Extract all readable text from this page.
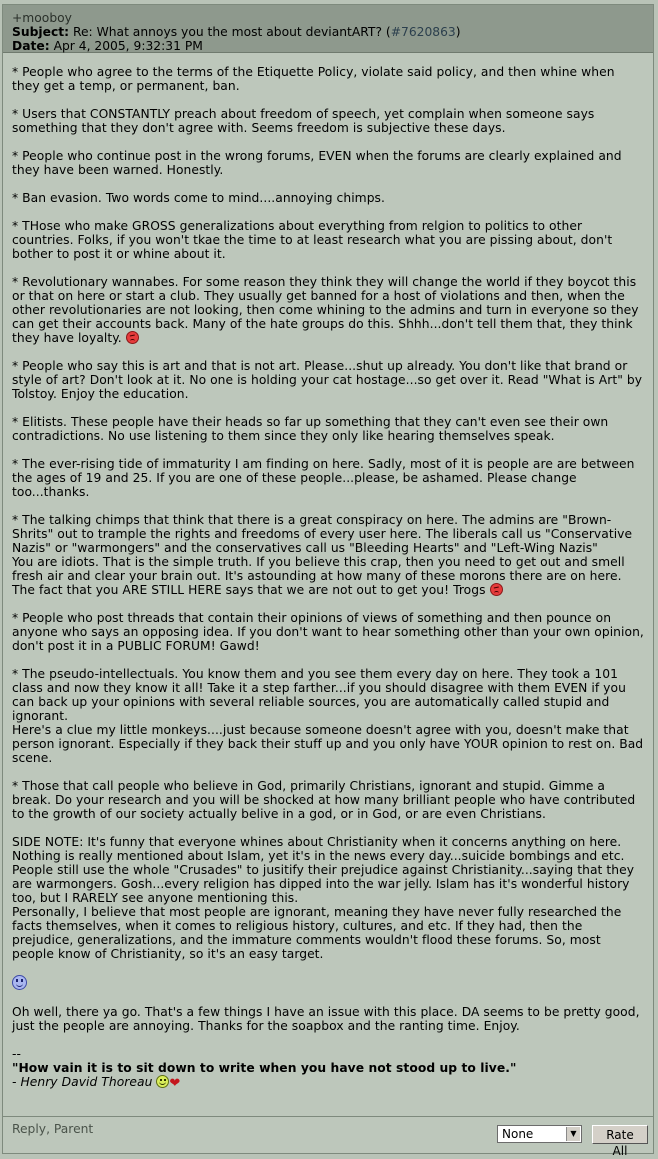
+mooboy
Subject: Re: What annoys you the most about deviantART? (#7620863)
Date: Apr 4, 2005, 9:32:31 PM

* People who agree to the terms of the Etiquette Policy, violate said policy, and then whine when they get a temp, or permanent, ban.

* Users that CONSTANTLY preach about freedom of speech, yet complain when someone says something that they don't agree with. Seems freedom is subjective these days.

* People who continue post in the wrong forums, EVEN when the forums are clearly explained and they have been warned. Honestly.

* Ban evasion. Two words come to mind....annoying chimps.

* THose who make GROSS generalizations about everything from relgion to politics to other countries. Folks, if you won't tkae the time to at least research what you are pissing about, don't bother to post it or whine about it.

* Revolutionary wannabes. For some reason they think they will change the world if they boycot this or that on here or start a club. They usually get banned for a host of violations and then, when the other revolutionaries are not looking, then come whining to the admins and turn in everyone so they can get their accounts back. Many of the hate groups do this. Shhh...don't tell them that, they think they have loyalty.

* People who say this is art and that is not art. Please...shut up already. You don't like that brand or style of art? Don't look at it. No one is holding your cat hostage...so get over it. Read "What is Art" by Tolstoy. Enjoy the education.

* Elitists. These people have their heads so far up something that they can't even see their own contradictions. No use listening to them since they only like hearing themselves speak.

* The ever-rising tide of immaturity I am finding on here. Sadly, most of it is people are are between the ages of 19 and 25. If you are one of these people...please, be ashamed. Please change too...thanks.

* The talking chimps that think that there is a great conspiracy on here. The admins are "Brown-Shrits" out to trample the rights and freedoms of every user here. The liberals call us "Conservative Nazis" or "warmongers" and the conservatives call us "Bleeding Hearts" and "Left-Wing Nazis"
You are idiots. That is the simple truth. If you believe this crap, then you need to get out and smell fresh air and clear your brain out. It's astounding at how many of these morons there are on here.
The fact that you ARE STILL HERE says that we are not out to get you! Trogs

* People who post threads that contain their opinions of views of something and then pounce on anyone who says an opposing idea. If you don't want to hear something other than your own opinion, don't post it in a PUBLIC FORUM! Gawd!

* The pseudo-intellectuals. You know them and you see them every day on here. They took a 101 class and now they know it all! Take it a step farther...if you should disagree with them EVEN if you can back up your opinions with several reliable sources, you are automatically called stupid and ignorant.
Here's a clue my little monkeys....just because someone doesn't agree with you, doesn't make that person ignorant. Especially if they back their stuff up and you only have YOUR opinion to rest on. Bad scene.

* Those that call people who believe in God, primarily Christians, ignorant and stupid. Gimme a break. Do your research and you will be shocked at how many brilliant people who have contributed to the growth of our society actually belive in a god, or in God, or are even Christians.

SIDE NOTE: It's funny that everyone whines about Christianity when it concerns anything on here. Nothing is really mentioned about Islam, yet it's in the news every day...suicide bombings and etc. People still use the whole "Crusades" to jusitify their prejudice against Christianity...saying that they are warmongers. Gosh...every religion has dipped into the war jelly. Islam has it's wonderful history too, but I RARELY see anyone mentioning this.
Personally, I believe that most people are ignorant, meaning they have never fully researched the facts themselves, when it comes to religious history, cultures, and etc. If they had, then the prejudice, generalizations, and the immature comments wouldn't flood these forums. So, most people know of Christianity, so it's an easy target.

Oh well, there ya go. That's a few things I have an issue with this place. DA seems to be pretty good, just the people are annoying. Thanks for the soapbox and the ranting time. Enjoy.

--
"How vain it is to sit down to write when you have not stood up to live."
- Henry David Thoreau ❤
Reply, Parent	None	▼	Rate All
